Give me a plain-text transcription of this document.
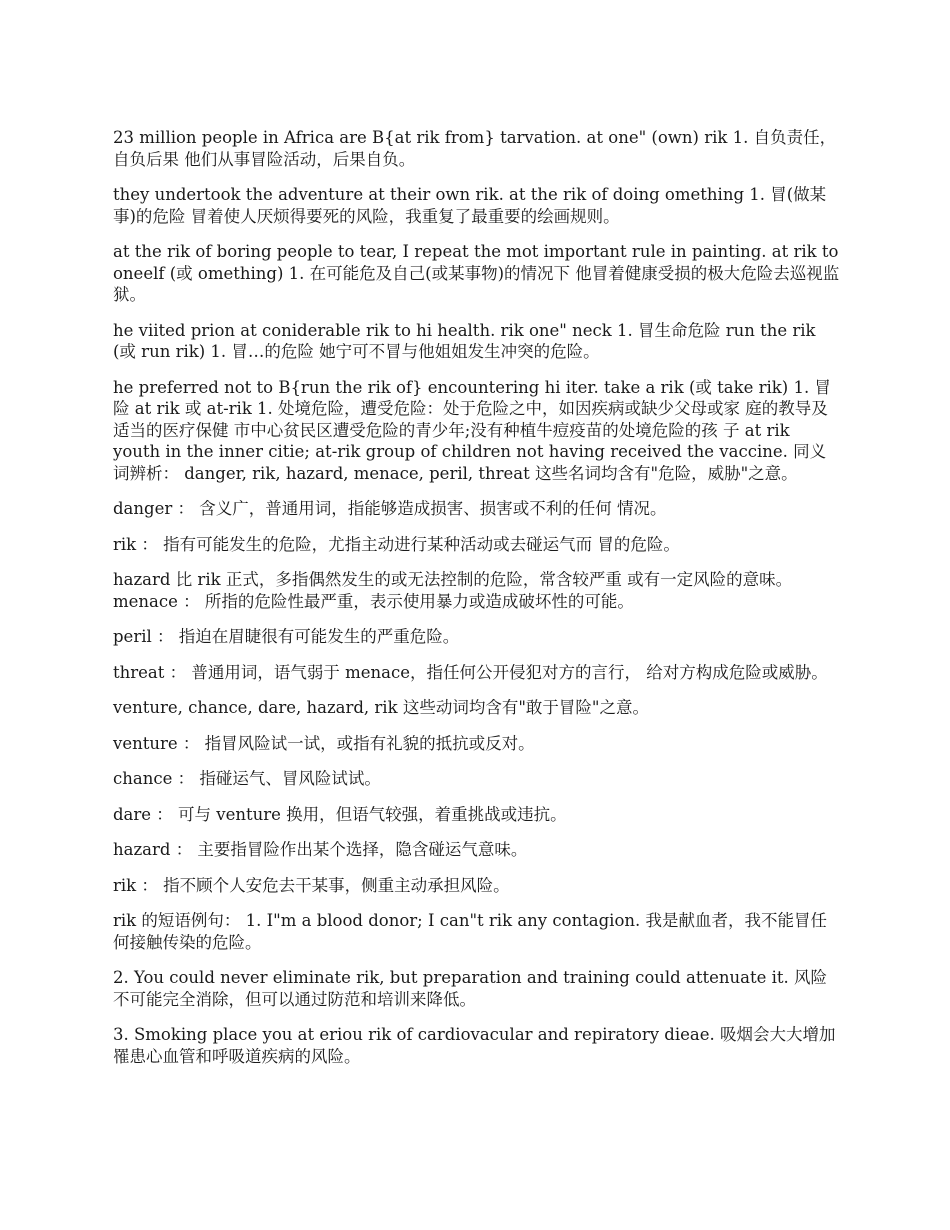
23 million people in Africa are B{at rik from} tarvation. at one" (own) rik 1. 自负责任，自负后果 他们从事冒险活动，后果自负。

they undertook the adventure at their own rik. at the rik of doing omething 1. 冒(做某事)的危险 冒着使人厌烦得要死的风险，我重复了最重要的绘画规则。

at the rik of boring people to tear, I repeat the mot important rule in painting. at rik to oneelf (或 omething) 1. 在可能危及自己(或某事物)的情况下 他冒着健康受损的极大危险去巡视监狱。

he viited prion at coniderable rik to hi health. rik one" neck 1. 冒生命危险 run the rik (或 run rik) 1. 冒…的危险 她宁可不冒与他姐姐发生冲突的危险。

he preferred not to B{run the rik of} encountering hi iter. take a rik (或 take rik) 1. 冒险 at rik 或 at-rik 1. 处境危险，遭受危险：处于危险之中，如因疾病或缺少父母或家 庭的教导及适当的医疗保健 市中心贫民区遭受危险的青少年;没有种植牛痘疫苗的处境危险的孩 子 at rik youth in the inner citie; at-rik group of children not having received the vaccine. 同义词辨析： danger, rik, hazard, menace, peril, threat 这些名词均含有"危险，威胁"之意。

danger ： 含义广，普通用词，指能够造成损害、损害或不利的任何 情况。

rik ： 指有可能发生的危险，尤指主动进行某种活动或去碰运气而 冒的危险。

hazard 比 rik 正式，多指偶然发生的或无法控制的危险，常含较严重 或有一定风险的意味。menace ： 所指的危险性最严重，表示使用暴力或造成破坏性的可能。

peril ： 指迫在眉睫很有可能发生的严重危险。

threat ： 普通用词，语气弱于 menace，指任何公开侵犯对方的言行， 给对方构成危险或威胁。

venture, chance, dare, hazard, rik 这些动词均含有"敢于冒险"之意。

venture ： 指冒风险试一试，或指有礼貌的抵抗或反对。

chance ： 指碰运气、冒风险试试。

dare ： 可与 venture 换用，但语气较强，着重挑战或违抗。

hazard ： 主要指冒险作出某个选择，隐含碰运气意味。

rik ： 指不顾个人安危去干某事，侧重主动承担风险。

rik 的短语例句： 1. I"m a blood donor; I can"t rik any contagion. 我是献血者，我不能冒任何接触传染的危险。

2. You could never eliminate rik, but preparation and training could attenuate it. 风险不可能完全消除，但可以通过防范和培训来降低。

3. Smoking place you at eriou rik of cardiovacular and repiratory dieae. 吸烟会大大增加罹患心血管和呼吸道疾病的风险。
